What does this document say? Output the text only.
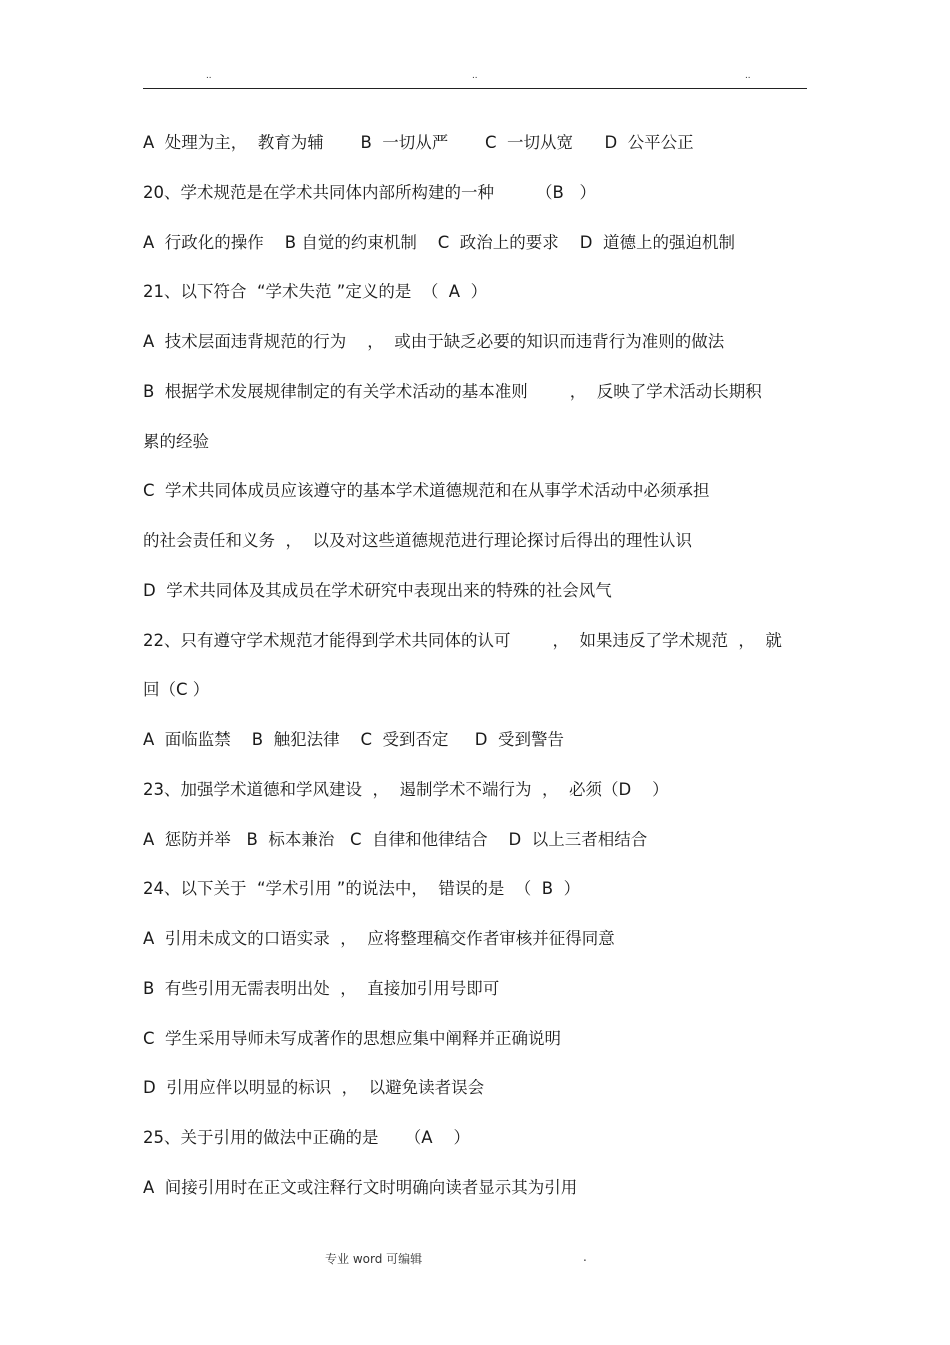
..	..	..
A  处理为主，  教育为辅       B  一切从严       C  一切从宽      D  公平公正
20、学术规范是在学术共同体内部所构建的一种        （B   ）
A  行政化的操作    B 自觉的约束机制    C  政治上的要求    D  道德上的强迫机制
21、以下符合  “学术失范 ”定义的是  （  A  ）
A  技术层面违背规范的行为    ，  或由于缺乏必要的知识而违背行为准则的做法
B  根据学术发展规律制定的有关学术活动的基本准则        ，  反映了学术活动长期积
累的经验
C  学术共同体成员应该遵守的基本学术道德规范和在从事学术活动中必须承担
的社会责任和义务  ，  以及对这些道德规范进行理论探讨后得出的理性认识
D  学术共同体及其成员在学术研究中表现出来的特殊的社会风气
22、只有遵守学术规范才能得到学术共同体的认可        ，  如果违反了学术规范  ，  就
回（C ）
A  面临监禁    B  触犯法律    C  受到否定     D  受到警告
23、加强学术道德和学风建设  ，  遏制学术不端行为  ，  必须（D    ）
A  惩防并举   B  标本兼治   C  自律和他律结合    D  以上三者相结合
24、以下关于  “学术引用 ”的说法中，  错误的是  （  B  ）
A  引用未成文的口语实录  ，  应将整理稿交作者审核并征得同意
B  有些引用无需表明出处  ，  直接加引用号即可
C  学生采用导师未写成著作的思想应集中阐释并正确说明
D  引用应伴以明显的标识  ，  以避免读者误会
25、关于引用的做法中正确的是     （A    ）
A  间接引用时在正文或注释行文时明确向读者显示其为引用
专业 word 可编辑	.
